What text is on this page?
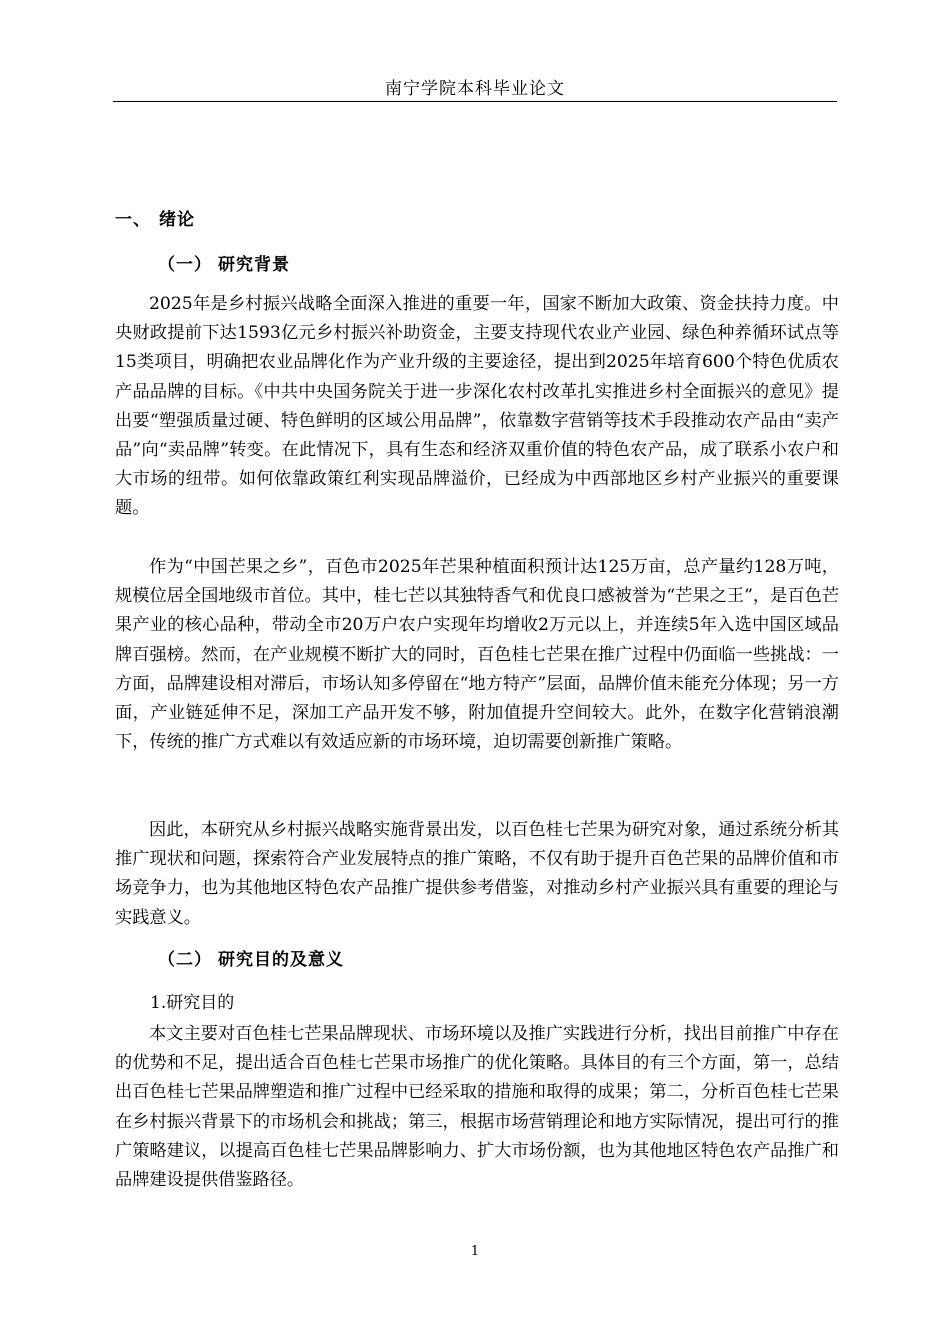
南宁学院本科毕业论文
一、 绪论
（一） 研究背景

2025年是乡村振兴战略全面深入推进的重要一年，国家不断加大政策、资金扶持力度。中央财政提前下达1593亿元乡村振兴补助资金，主要支持现代农业产业园、绿色种养循环试点等15类项目，明确把农业品牌化作为产业升级的主要途径，提出到2025年培育600个特色优质农产品品牌的目标。《中共中央国务院关于进一步深化农村改革扎实推进乡村全面振兴的意见》提出要“塑强质量过硬、特色鲜明的区域公用品牌”，依靠数字营销等技术手段推动农产品由“卖产品”向“卖品牌”转变。在此情况下，具有生态和经济双重价值的特色农产品，成了联系小农户和大市场的纽带。如何依靠政策红利实现品牌溢价，已经成为中西部地区乡村产业振兴的重要课题。

作为“中国芒果之乡”，百色市2025年芒果种植面积预计达125万亩，总产量约128万吨，规模位居全国地级市首位。其中，桂七芒以其独特香气和优良口感被誉为“芒果之王”，是百色芒果产业的核心品种，带动全市20万户农户实现年均增收2万元以上，并连续5年入选中国区域品牌百强榜。然而，在产业规模不断扩大的同时，百色桂七芒果在推广过程中仍面临一些挑战：一方面，品牌建设相对滞后，市场认知多停留在“地方特产”层面，品牌价值未能充分体现；另一方面，产业链延伸不足，深加工产品开发不够，附加值提升空间较大。此外，在数字化营销浪潮下，传统的推广方式难以有效适应新的市场环境，迫切需要创新推广策略。

因此，本研究从乡村振兴战略实施背景出发，以百色桂七芒果为研究对象，通过系统分析其推广现状和问题，探索符合产业发展特点的推广策略，不仅有助于提升百色芒果的品牌价值和市场竞争力，也为其他地区特色农产品推广提供参考借鉴，对推动乡村产业振兴具有重要的理论与实践意义。

（二） 研究目的及意义
1.研究目的

本文主要对百色桂七芒果品牌现状、市场环境以及推广实践进行分析，找出目前推广中存在的优势和不足，提出适合百色桂七芒果市场推广的优化策略。具体目的有三个方面，第一，总结出百色桂七芒果品牌塑造和推广过程中已经采取的措施和取得的成果；第二，分析百色桂七芒果在乡村振兴背景下的市场机会和挑战；第三，根据市场营销理论和地方实际情况，提出可行的推广策略建议，以提高百色桂七芒果品牌影响力、扩大市场份额，也为其他地区特色农产品推广和品牌建设提供借鉴路径。

1
